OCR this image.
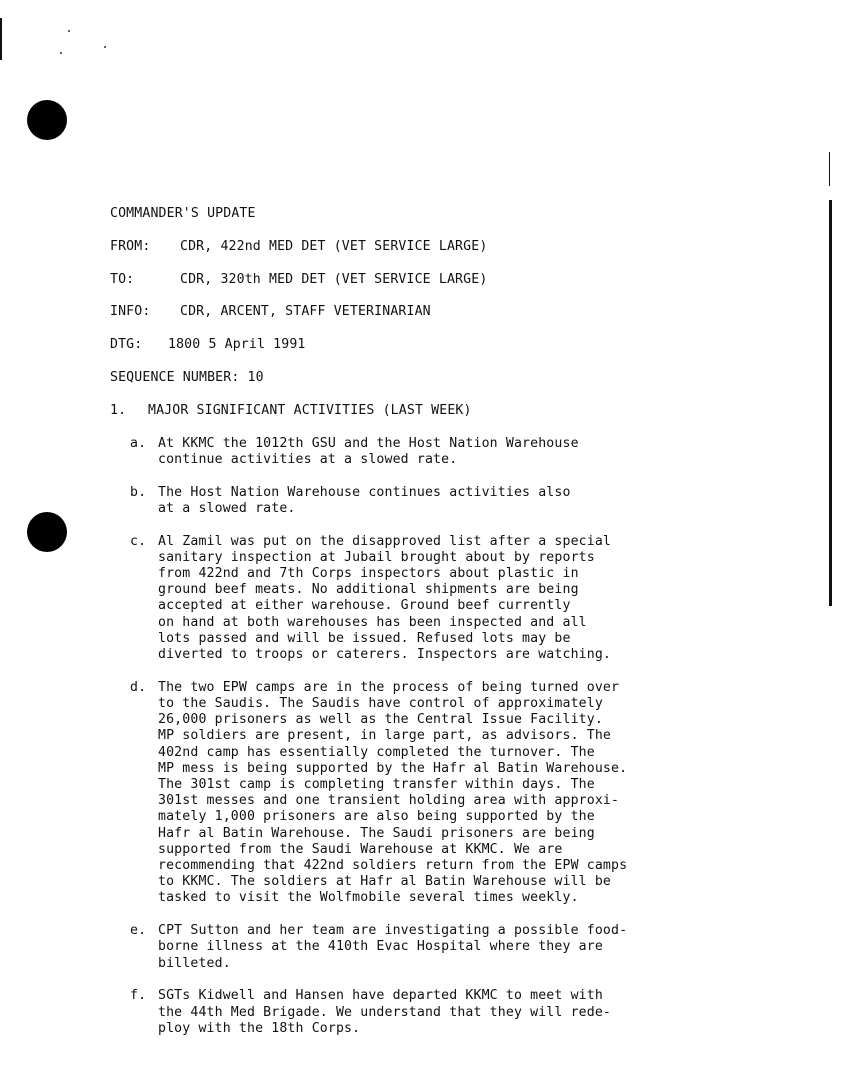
COMMANDER'S UPDATE
FROM: CDR, 422nd MED DET (VET SERVICE LARGE)
TO:	CDR, 320th MED DET (VET SERVICE LARGE)
INFO: CDR, ARCENT, STAFF VETERINARIAN
DTG: 1800 5 April 1991
SEQUENCE NUMBER: 10
1. MAJOR SIGNIFICANT ACTIVITIES (LAST WEEK)
a. At KKMC the 1012th GSU and the Host Nation Warehouse
continue activities at a slowed rate.
b. The Host Nation Warehouse continues activities also
at a slowed rate.
c. Al Zamil was put on the disapproved list after a special
sanitary inspection at Jubail brought about by reports
from 422nd and 7th Corps inspectors about plastic in
ground beef meats. No additional shipments are being
accepted at either warehouse. Ground beef currently
on hand at both warehouses has been inspected and all
lots passed and will be issued. Refused lots may be
diverted to troops or caterers. Inspectors are watching.
d. The two EPW camps are in the process of being turned over
to the Saudis. The Saudis have control of approximately
26,000 prisoners as well as the Central Issue Facility.
MP soldiers are present, in large part, as advisors. The
402nd camp has essentially completed the turnover. The
MP mess is being supported by the Hafr al Batin Warehouse.
The 301st camp is completing transfer within days. The
301st messes and one transient holding area with approxi-
mately 1,000 prisoners are also being supported by the
Hafr al Batin Warehouse. The Saudi prisoners are being
supported from the Saudi Warehouse at KKMC. We are
recommending that 422nd soldiers return from the EPW camps
to KKMC. The soldiers at Hafr al Batin Warehouse will be
tasked to visit the Wolfmobile several times weekly.
e. CPT Sutton and her team are investigating a possible food-
borne illness at the 410th Evac Hospital where they are
billeted.
f. SGTs Kidwell and Hansen have departed KKMC to meet with
the 44th Med Brigade. We understand that they will rede-
ploy with the 18th Corps.
